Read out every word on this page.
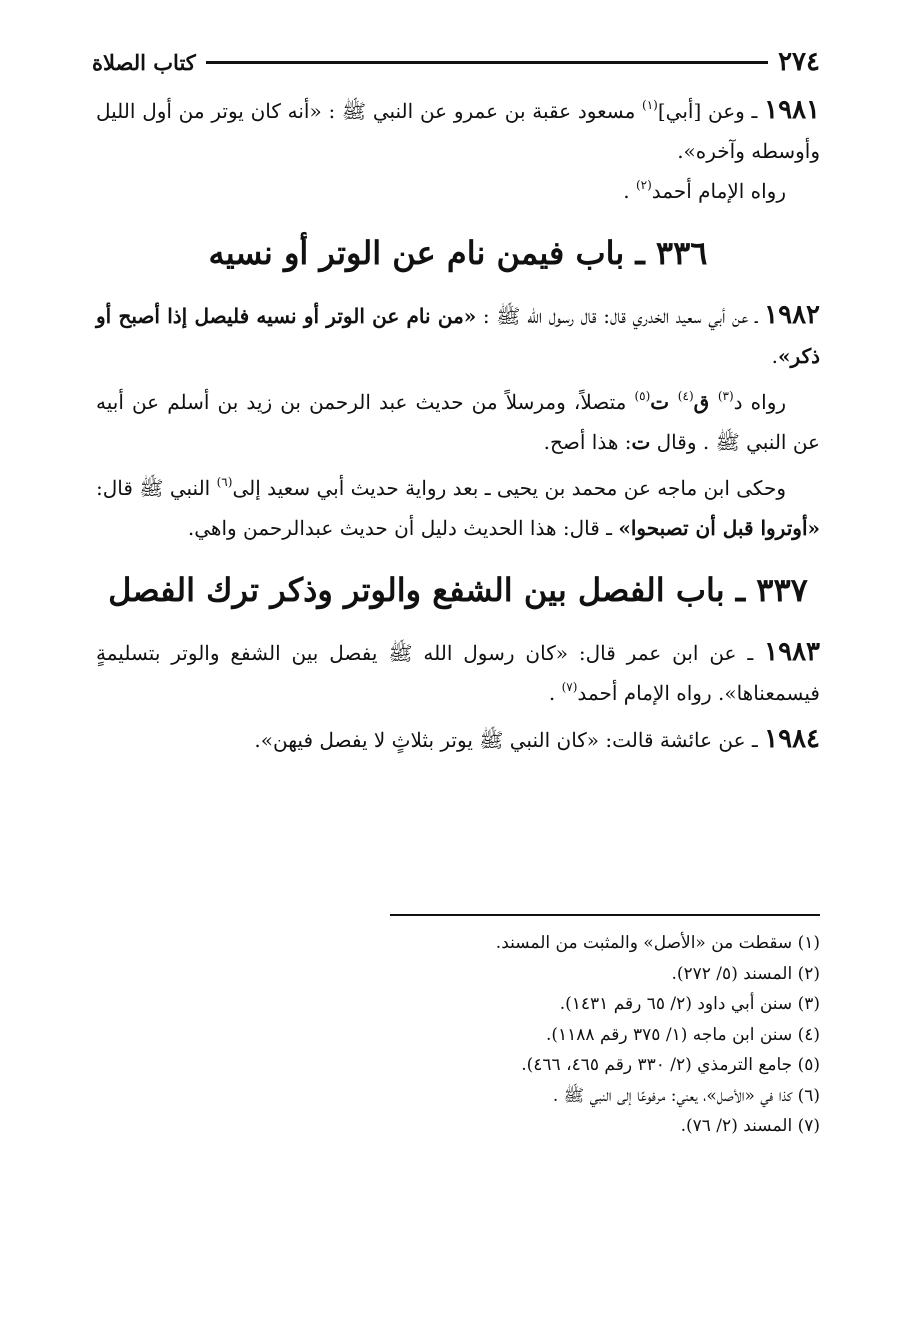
٢٧٤
كتاب الصلاة

١٩٨١ ـ وعن [أبي]$^{(١)}$ مسعود عقبة بن عمرو عن النبي ﷺ : «أنه كان يوتر من أول الليل وأوسطه وآخره».

رواه الإمام أحمد$^{(٢)}$ .

٣٣٦ ـ باب فيمن نام عن الوتر أو نسيه

١٩٨٢ ـ عن أبي سعيد الخدري قال: قال رسول الله ﷺ : «من نام عن الوتر أو نسيه فليصل إذا أصبح أو ذكر».

رواه د$^{(٣)}$ ق$^{(٤)}$ ت$^{(٥)}$ متصلاً، ومرسلاً من حديث عبد الرحمن بن زيد بن أسلم عن أبيه عن النبي ﷺ . وقال ت: هذا أصح.

وحكى ابن ماجه عن محمد بن يحيى ـ بعد رواية حديث أبي سعيد إلى$^{(٦)}$ النبي ﷺ قال: «أوتروا قبل أن تصبحوا» ـ قال: هذا الحديث دليل أن حديث عبدالرحمن واهي.

٣٣٧ ـ باب الفصل بين الشفع والوتر وذكر ترك الفصل

١٩٨٣ ـ عن ابن عمر قال: «كان رسول الله ﷺ يفصل بين الشفع والوتر بتسليمةٍ فيسمعناها». رواه الإمام أحمد$^{(٧)}$ .

١٩٨٤ ـ عن عائشة قالت: «كان النبي ﷺ يوتر بثلاثٍ لا يفصل فيهن».

(١) سقطت من «الأصل» والمثبت من المسند.

(٢) المسند (٥/ ٢٧٢).

(٣) سنن أبي داود (٢/ ٦٥ رقم ١٤٣١).

(٤) سنن ابن ماجه (١/ ٣٧٥ رقم ١١٨٨).

(٥) جامع الترمذي (٢/ ٣٣٠ رقم ٤٦٥، ٤٦٦).

(٦) كذا في «الأصل»، يعني: مرفوعًا إلى النبي ﷺ .

(٧) المسند (٢/ ٧٦).
